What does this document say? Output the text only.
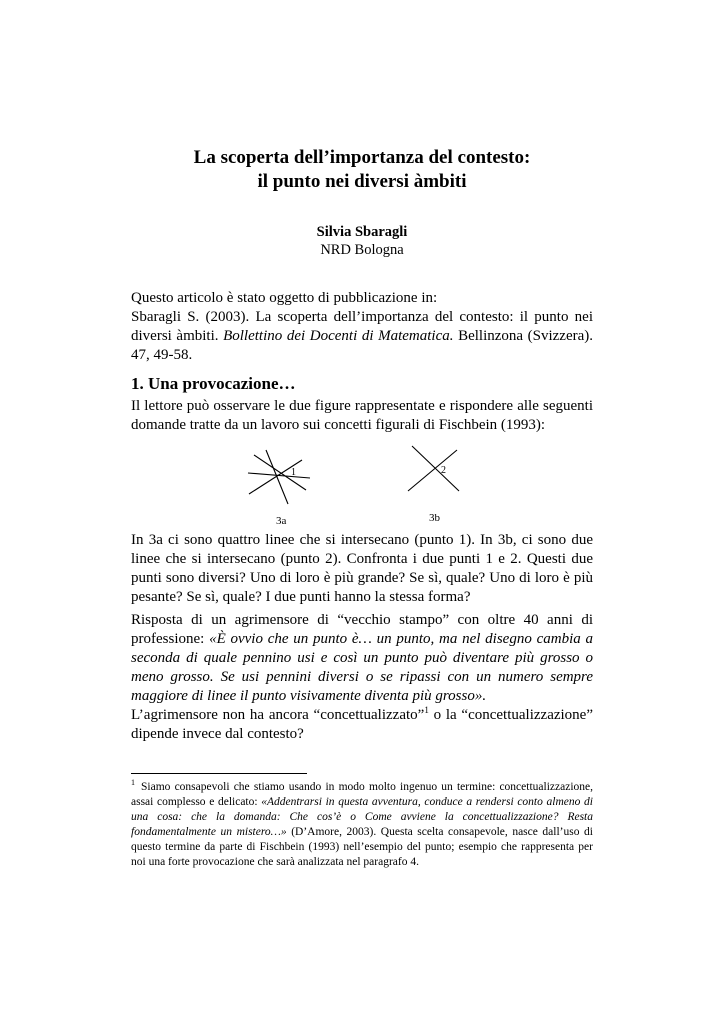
La scoperta dell’importanza del contesto:
il punto nei diversi àmbiti
Silvia Sbaragli
NRD Bologna

Questo articolo è stato oggetto di pubblicazione in:
Sbaragli S. (2003). La scoperta dell’importanza del contesto: il punto nei diversi àmbiti. Bollettino dei Docenti di Matematica. Bellinzona (Svizzera). 47, 49-58.

1. Una provocazione…

Il lettore può osservare le due figure rappresentate e rispondere alle seguenti domande tratte da un lavoro sui concetti figurali di Fischbein (1993):

1	2
3a	3b

In 3a ci sono quattro linee che si intersecano (punto 1). In 3b, ci sono due linee che si intersecano (punto 2). Confronta i due punti 1 e 2. Questi due punti sono diversi? Uno di loro è più grande? Se sì, quale? Uno di loro è più pesante? Se sì, quale? I due punti hanno la stessa forma?

Risposta di un agrimensore di “vecchio stampo” con oltre 40 anni di professione: «È ovvio che un punto è… un punto, ma nel disegno cambia a seconda di quale pennino usi e così un punto può diventare più grosso o meno grosso. Se usi pennini diversi o se ripassi con un numero sempre maggiore di linee il punto visivamente diventa più grosso».

L’agrimensore non ha ancora “concettualizzato”$^1$ o la “concettualizzazione” dipende invece dal contesto?

$^1$ Siamo consapevoli che stiamo usando in modo molto ingenuo un termine: concettualizzazione, assai complesso e delicato: «Addentrarsi in questa avventura, conduce a rendersi conto almeno di una cosa: che la domanda: Che cos’è o Come avviene la concettualizzazione? Resta fondamentalmente un mistero…» (D’Amore, 2003). Questa scelta consapevole, nasce dall’uso di questo termine da parte di Fischbein (1993) nell’esempio del punto; esempio che rappresenta per noi una forte provocazione che sarà analizzata nel paragrafo 4.
